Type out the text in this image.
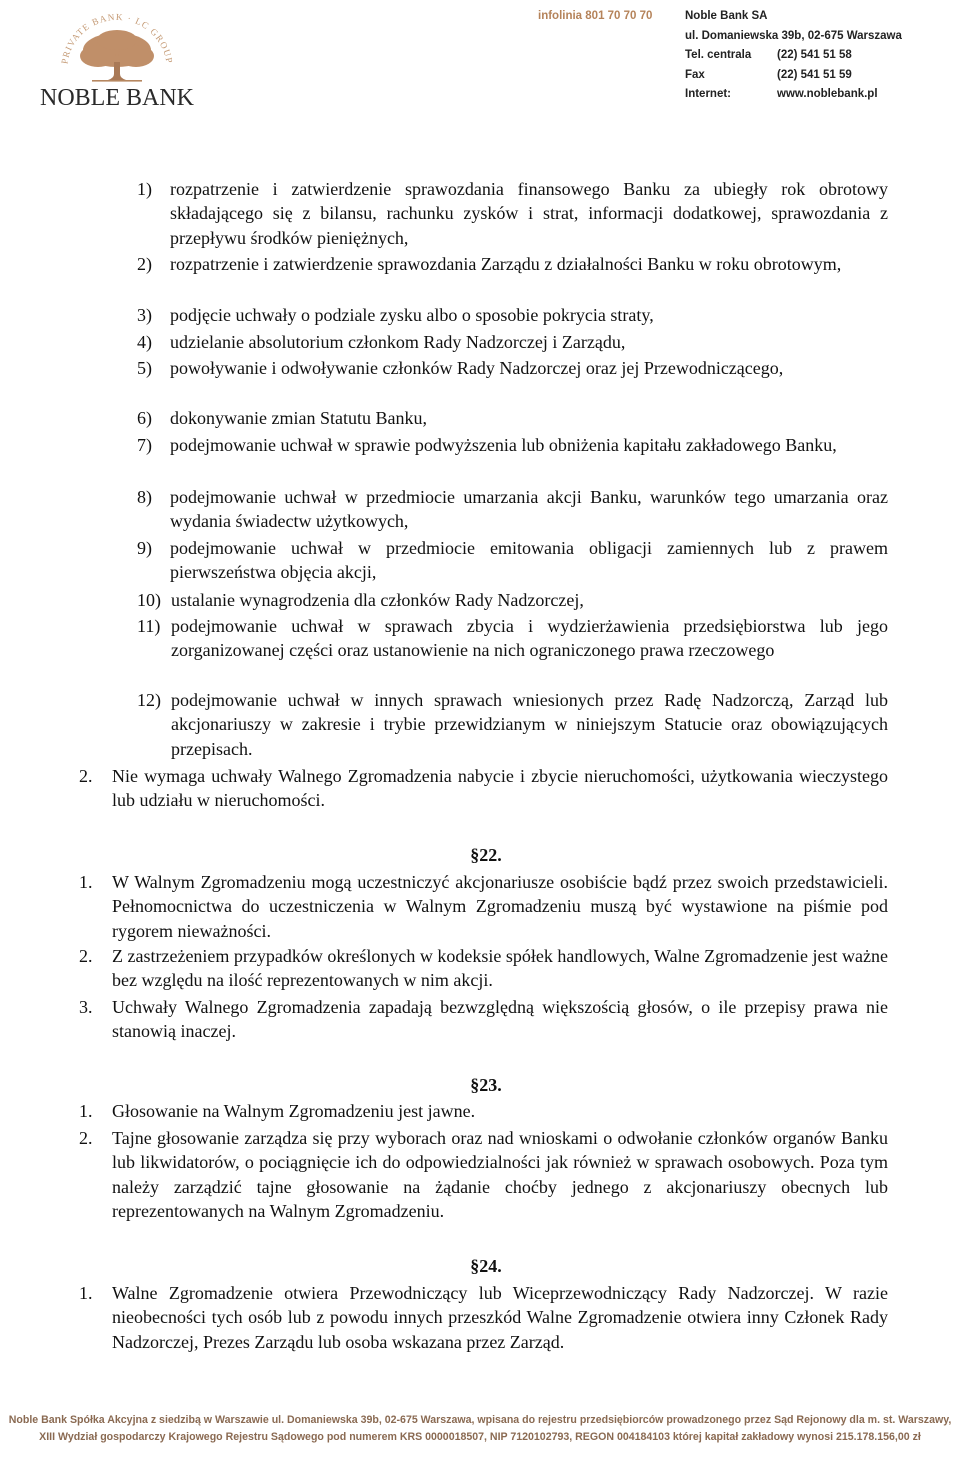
PRIVATE BANK · LC GROUP
NOBLE BANK
infolinia 801 70 70 70	Noble Bank SA
ul. Domaniewska 39b, 02-675 Warszawa
Tel. centrala	(22) 541 51 58
Fax	(22) 541 51 59
Internet:	www.noblebank.pl
1)	rozpatrzenie i zatwierdzenie sprawozdania finansowego Banku za ubiegły rok obrotowy składającego się z bilansu, rachunku zysków i strat, informacji dodatkowej, sprawozdania z przepływu środków pieniężnych,
2)	rozpatrzenie i zatwierdzenie sprawozdania Zarządu z działalności Banku w roku obrotowym,
3)	podjęcie uchwały o podziale zysku albo o sposobie pokrycia straty,
4)	udzielanie absolutorium członkom Rady Nadzorczej i Zarządu,
5)	powoływanie i odwoływanie członków Rady Nadzorczej oraz jej Przewodniczącego,
6)	dokonywanie zmian Statutu Banku,
7)	podejmowanie uchwał w sprawie podwyższenia lub obniżenia kapitału zakładowego Banku,
8)	podejmowanie uchwał w przedmiocie umarzania akcji Banku, warunków tego umarzania oraz wydania świadectw użytkowych,
9)	podejmowanie uchwał w przedmiocie emitowania obligacji zamiennych lub z prawem pierwszeństwa objęcia akcji,
10) ustalanie wynagrodzenia dla członków Rady Nadzorczej,
11) podejmowanie uchwał w sprawach zbycia i wydzierżawienia przedsiębiorstwa lub jego zorganizowanej części oraz ustanowienie na nich ograniczonego prawa rzeczowego
12) podejmowanie uchwał w innych sprawach wniesionych przez Radę Nadzorczą, Zarząd lub akcjonariuszy w zakresie i trybie przewidzianym w niniejszym Statucie oraz obowiązujących przepisach.
2.	Nie wymaga uchwały Walnego Zgromadzenia nabycie i zbycie nieruchomości, użytkowania wieczystego lub udziału w nieruchomości.
§22.
1.	W Walnym Zgromadzeniu mogą uczestniczyć akcjonariusze osobiście bądź przez swoich przedstawicieli. Pełnomocnictwa do uczestniczenia w Walnym Zgromadzeniu muszą być wystawione na piśmie pod rygorem nieważności.
2.	Z zastrzeżeniem przypadków określonych w kodeksie spółek handlowych, Walne Zgromadzenie jest ważne bez względu na ilość reprezentowanych w nim akcji.
3.	Uchwały Walnego Zgromadzenia zapadają bezwzględną większością głosów, o ile przepisy prawa nie stanowią inaczej.
§23.
1.	Głosowanie na Walnym Zgromadzeniu jest jawne.
2.	Tajne głosowanie zarządza się przy wyborach oraz nad wnioskami o odwołanie członków organów Banku lub likwidatorów, o pociągnięcie ich do odpowiedzialności jak również w sprawach osobowych. Poza tym należy zarządzić tajne głosowanie na żądanie choćby jednego z akcjonariuszy obecnych lub reprezentowanych na Walnym Zgromadzeniu.
§24.
1.	Walne Zgromadzenie otwiera Przewodniczący lub Wiceprzewodniczący Rady Nadzorczej. W razie nieobecności tych osób lub z powodu innych przeszkód Walne Zgromadzenie otwiera inny Członek Rady Nadzorczej, Prezes Zarządu lub osoba wskazana przez Zarząd.
Noble Bank Spółka Akcyjna z siedzibą w Warszawie ul. Domaniewska 39b, 02-675 Warszawa, wpisana do rejestru przedsiębiorców prowadzonego przez Sąd Rejonowy dla m. st. Warszawy,
XIII Wydział gospodarczy Krajowego Rejestru Sądowego pod numerem KRS 0000018507, NIP 7120102793, REGON 004184103 której kapitał zakładowy wynosi 215.178.156,00 zł
